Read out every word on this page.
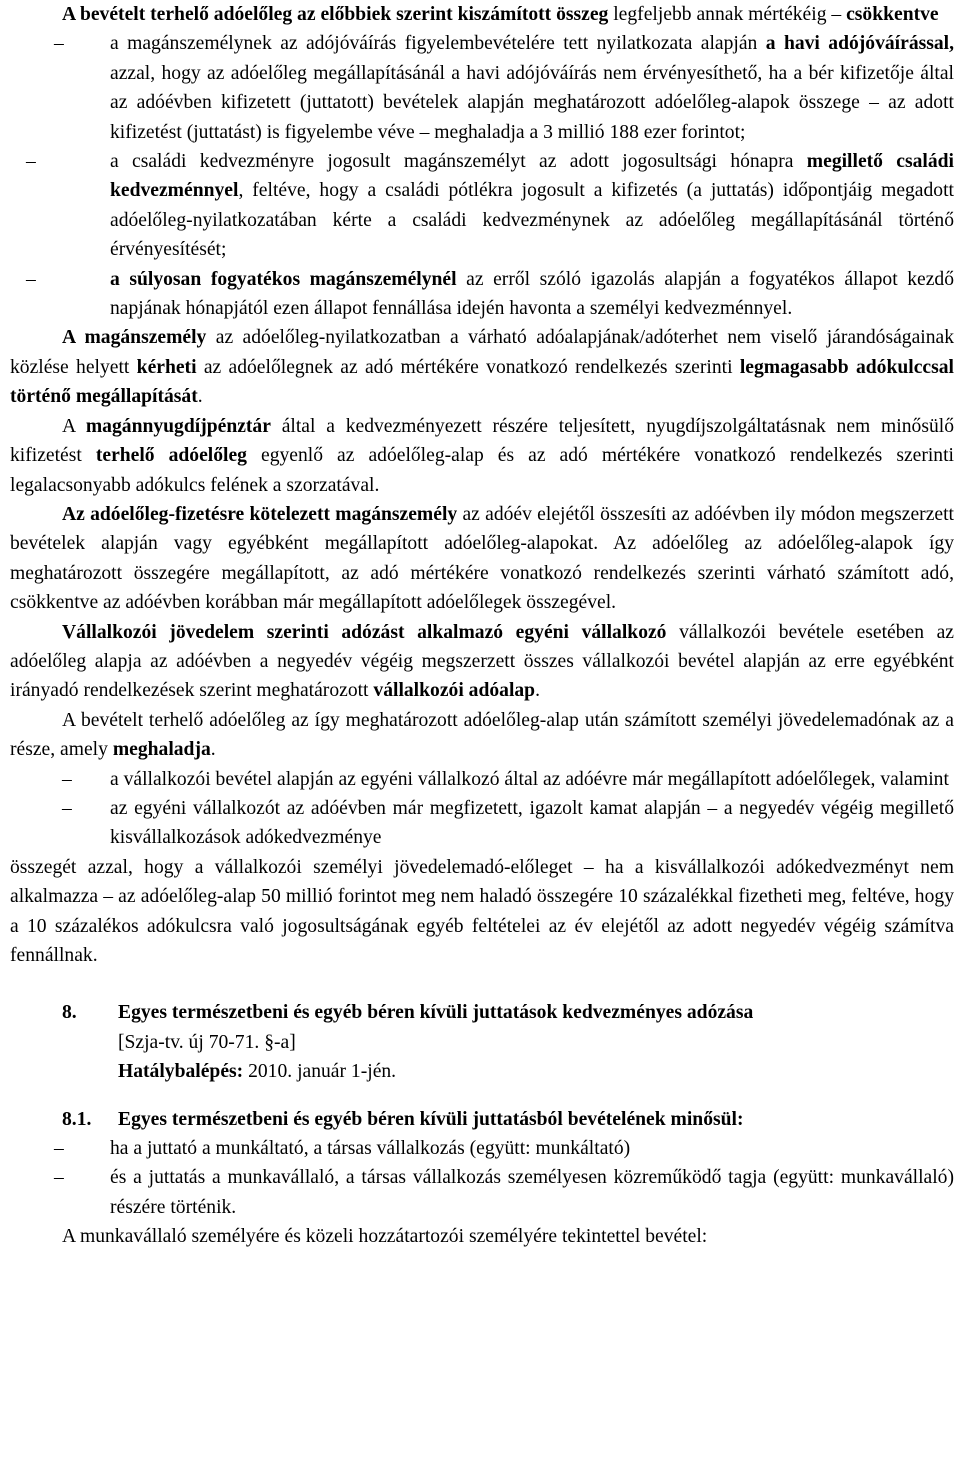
A bevételt terhelő adóelőleg az előbbiek szerint kiszámított összeg legfeljebb annak mértékéig – csökkentve

– a magánszemélynek az adójóváírás figyelembevételére tett nyilatkozata alapján a havi adójóváírással, azzal, hogy az adóelőleg megállapításánál a havi adójóváírás nem érvényesíthető, ha a bér kifizetője által az adóévben kifizetett (juttatott) bevételek alapján meghatározott adóelőleg-alapok összege – az adott kifizetést (juttatást) is figyelembe véve – meghaladja a 3 millió 188 ezer forintot;

–	a családi kedvezményre jogosult magánszemélyt az adott jogosultsági hónapra megillető családi kedvezménnyel, feltéve, hogy a családi pótlékra jogosult a kifizetés (a juttatás) időpontjáig megadott adóelőleg-nyilatkozatában kérte a családi kedvezménynek az adóelőleg megállapításánál történő érvényesítését;

–	a súlyosan fogyatékos magánszemélynél az erről szóló igazolás alapján a fogyatékos állapot kezdő napjának hónapjától ezen állapot fennállása idején havonta a személyi kedvezménnyel.

A magánszemély az adóelőleg-nyilatkozatban a várható adóalapjának/adóterhet nem viselő járandóságainak közlése helyett kérheti az adóelőlegnek az adó mértékére vonatkozó rendelkezés szerinti legmagasabb adókulccsal történő megállapítását.

A magánnyugdíjpénztár által a kedvezményezett részére teljesített, nyugdíjszolgáltatásnak nem minősülő kifizetést terhelő adóelőleg egyenlő az adóelőleg-alap és az adó mértékére vonatkozó rendelkezés szerinti legalacsonyabb adókulcs felének a szorzatával.

Az adóelőleg-fizetésre kötelezett magánszemély az adóév elejétől összesíti az adóévben ily módon megszerzett bevételek alapján vagy egyébként megállapított adóelőleg-alapokat. Az adóelőleg az adóelőleg-alapok így meghatározott összegére megállapított, az adó mértékére vonatkozó rendelkezés szerinti várható számított adó, csökkentve az adóévben korábban már megállapított adóelőlegek összegével.

Vállalkozói jövedelem szerinti adózást alkalmazó egyéni vállalkozó vállalkozói bevétele esetében az adóelőleg alapja az adóévben a negyedév végéig megszerzett összes vállalkozói bevétel alapján az erre egyébként irányadó rendelkezések szerint meghatározott vállalkozói adóalap.

A bevételt terhelő adóelőleg az így meghatározott adóelőleg-alap után számított személyi jövedelemadónak az a része, amely meghaladja.

– a vállalkozói bevétel alapján az egyéni vállalkozó által az adóévre már megállapított adóelőlegek, valamint

– az egyéni vállalkozót az adóévben már megfizetett, igazolt kamat alapján – a negyedév végéig megillető kisvállalkozások adókedvezménye

összegét azzal, hogy a vállalkozói személyi jövedelemadó-előleget – ha a kisvállalkozói adókedvezményt nem alkalmazza – az adóelőleg-alap 50 millió forintot meg nem haladó összegére 10 százalékkal fizetheti meg, feltéve, hogy a 10 százalékos adókulcsra való jogosultságának egyéb feltételei az év elejétől az adott negyedév végéig számítva fennállnak.

8. Egyes természetbeni és egyéb béren kívüli juttatások kedvezményes adózása
[Szja-tv. új 70-71. §-a]
Hatálybalépés: 2010. január 1-jén.
8.1. Egyes természetbeni és egyéb béren kívüli juttatásból bevételének minősül:

– ha a juttató a munkáltató, a társas vállalkozás (együtt: munkáltató)

– és a juttatás a munkavállaló, a társas vállalkozás személyesen közreműködő tagja (együtt: munkavállaló) részére történik.

A munkavállaló személyére és közeli hozzátartozói személyére tekintettel bevétel:
